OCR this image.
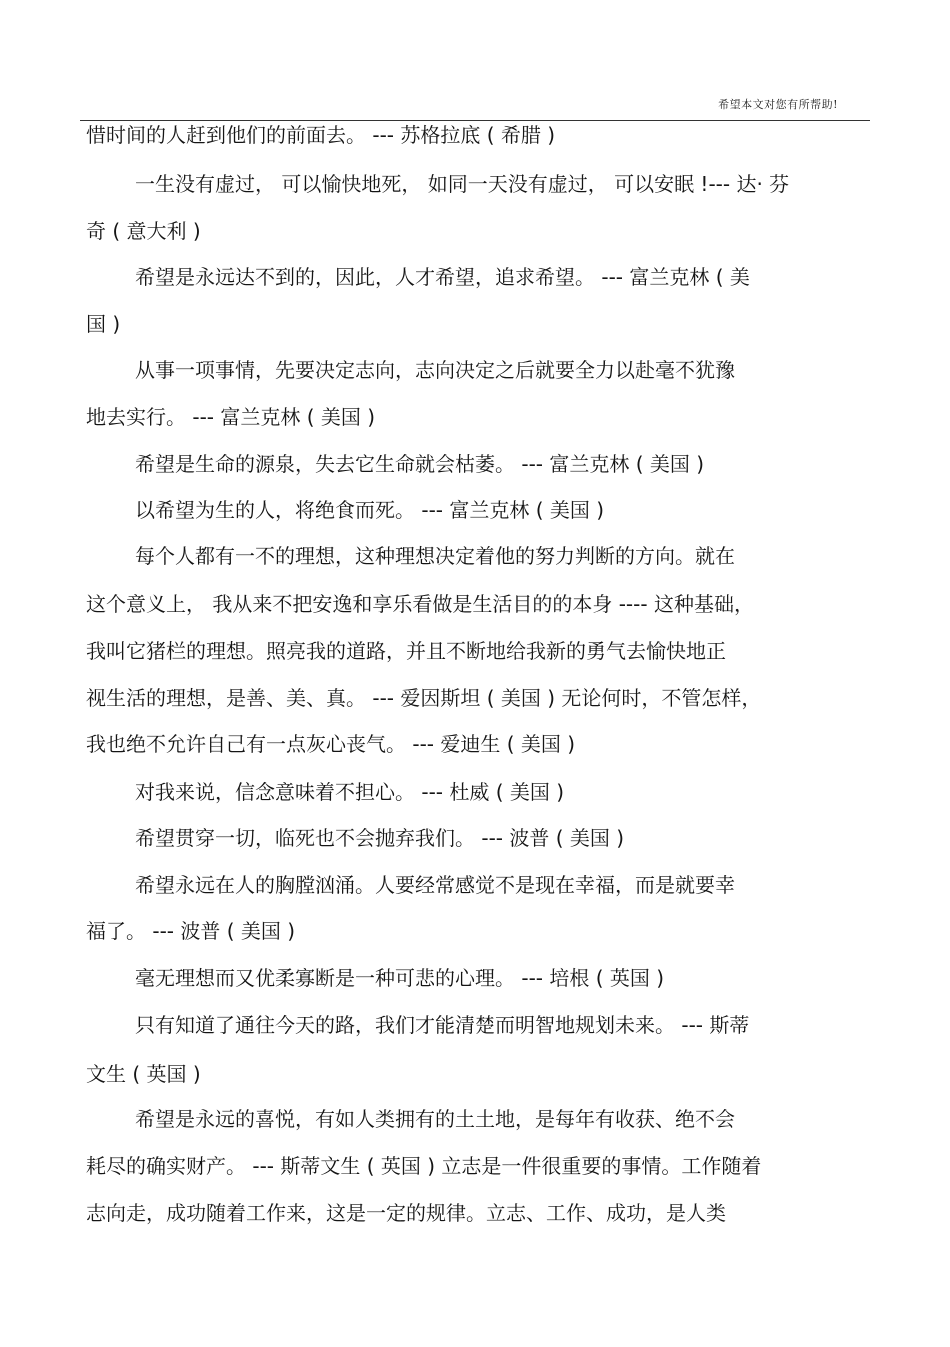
希望本文对您有所帮助!
惜时间的人赶到他们的前面去。 --- 苏格拉底 ( 希腊 )
一生没有虚过， 可以愉快地死， 如同一天没有虚过， 可以安眠 !--- 达· 芬
奇 ( 意大利 )
希望是永远达不到的，因此，人才希望，追求希望。 --- 富兰克林 ( 美
国 )
从事一项事情，先要决定志向，志向决定之后就要全力以赴毫不犹豫
地去实行。 --- 富兰克林 ( 美国 )
希望是生命的源泉，失去它生命就会枯萎。 --- 富兰克林 ( 美国 )
以希望为生的人，将绝食而死。 --- 富兰克林 ( 美国 )
每个人都有一不的理想，这种理想决定着他的努力判断的方向。就在
这个意义上， 我从来不把安逸和享乐看做是生活目的的本身 ---- 这种基础，
我叫它猪栏的理想。照亮我的道路，并且不断地给我新的勇气去愉快地正
视生活的理想，是善、美、真。 --- 爱因斯坦 ( 美国 ) 无论何时，不管怎样，
我也绝不允许自己有一点灰心丧气。 --- 爱迪生 ( 美国 )
对我来说，信念意味着不担心。 --- 杜威 ( 美国 )
希望贯穿一切，临死也不会抛弃我们。 --- 波普 ( 美国 )
希望永远在人的胸膛汹涌。人要经常感觉不是现在幸福，而是就要幸
福了。 --- 波普 ( 美国 )
毫无理想而又优柔寡断是一种可悲的心理。 --- 培根 ( 英国 )
只有知道了通往今天的路，我们才能清楚而明智地规划未来。 --- 斯蒂
文生 ( 英国 )
希望是永远的喜悦，有如人类拥有的土土地，是每年有收获、绝不会
耗尽的确实财产。 --- 斯蒂文生 ( 英国 ) 立志是一件很重要的事情。工作随着
志向走，成功随着工作来，这是一定的规律。立志、工作、成功，是人类
